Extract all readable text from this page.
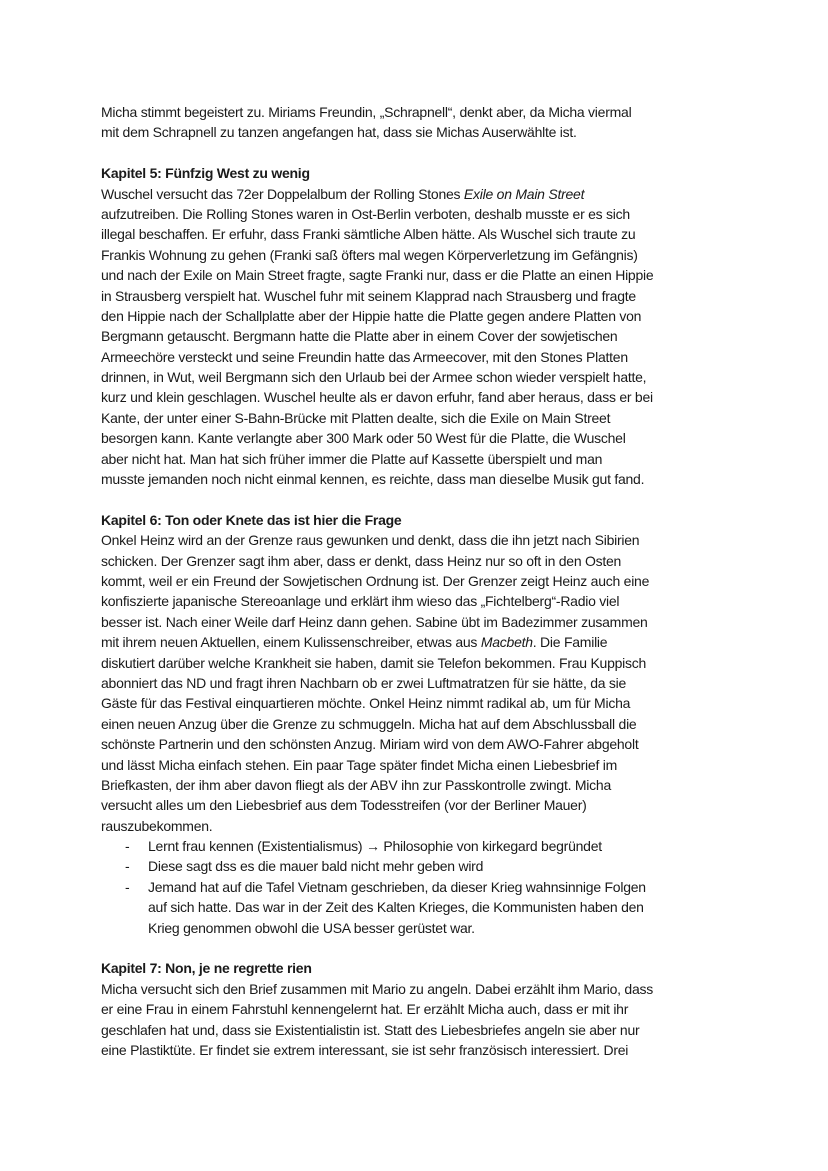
Micha stimmt begeistert zu. Miriams Freundin, „Schrapnell“, denkt aber, da Micha viermal
mit dem Schrapnell zu tanzen angefangen hat, dass sie Michas Auserwählte ist.
Kapitel 5: Fünfzig West zu wenig
Wuschel versucht das 72er Doppelalbum der Rolling Stones Exile on Main Street
aufzutreiben. Die Rolling Stones waren in Ost-Berlin verboten, deshalb musste er es sich
illegal beschaffen. Er erfuhr, dass Franki sämtliche Alben hätte. Als Wuschel sich traute zu
Frankis Wohnung zu gehen (Franki saß öfters mal wegen Körperverletzung im Gefängnis)
und nach der Exile on Main Street fragte, sagte Franki nur, dass er die Platte an einen Hippie
in Strausberg verspielt hat. Wuschel fuhr mit seinem Klapprad nach Strausberg und fragte
den Hippie nach der Schallplatte aber der Hippie hatte die Platte gegen andere Platten von
Bergmann getauscht. Bergmann hatte die Platte aber in einem Cover der sowjetischen
Armeechöre versteckt und seine Freundin hatte das Armeecover, mit den Stones Platten
drinnen, in Wut, weil Bergmann sich den Urlaub bei der Armee schon wieder verspielt hatte,
kurz und klein geschlagen. Wuschel heulte als er davon erfuhr, fand aber heraus, dass er bei
Kante, der unter einer S-Bahn-Brücke mit Platten dealte, sich die Exile on Main Street
besorgen kann. Kante verlangte aber 300 Mark oder 50 West für die Platte, die Wuschel
aber nicht hat. Man hat sich früher immer die Platte auf Kassette überspielt und man
musste jemanden noch nicht einmal kennen, es reichte, dass man dieselbe Musik gut fand.
Kapitel 6: Ton oder Knete das ist hier die Frage
Onkel Heinz wird an der Grenze raus gewunken und denkt, dass die ihn jetzt nach Sibirien
schicken. Der Grenzer sagt ihm aber, dass er denkt, dass Heinz nur so oft in den Osten
kommt, weil er ein Freund der Sowjetischen Ordnung ist. Der Grenzer zeigt Heinz auch eine
konfiszierte japanische Stereoanlage und erklärt ihm wieso das „Fichtelberg“-Radio viel
besser ist. Nach einer Weile darf Heinz dann gehen. Sabine übt im Badezimmer zusammen
mit ihrem neuen Aktuellen, einem Kulissenschreiber, etwas aus Macbeth. Die Familie
diskutiert darüber welche Krankheit sie haben, damit sie Telefon bekommen. Frau Kuppisch
abonniert das ND und fragt ihren Nachbarn ob er zwei Luftmatratzen für sie hätte, da sie
Gäste für das Festival einquartieren möchte. Onkel Heinz nimmt radikal ab, um für Micha
einen neuen Anzug über die Grenze zu schmuggeln. Micha hat auf dem Abschlussball die
schönste Partnerin und den schönsten Anzug. Miriam wird von dem AWO-Fahrer abgeholt
und lässt Micha einfach stehen. Ein paar Tage später findet Micha einen Liebesbrief im
Briefkasten, der ihm aber davon fliegt als der ABV ihn zur Passkontrolle zwingt. Micha
versucht alles um den Liebesbrief aus dem Todesstreifen (vor der Berliner Mauer)
rauszubekommen.
- Lernt frau kennen (Existentialismus) → Philosophie von kirkegard begründet
- Diese sagt dss es die mauer bald nicht mehr geben wird
- Jemand hat auf die Tafel Vietnam geschrieben, da dieser Krieg wahnsinnige Folgen
auf sich hatte. Das war in der Zeit des Kalten Krieges, die Kommunisten haben den
Krieg genommen obwohl die USA besser gerüstet war.
Kapitel 7: Non, je ne regrette rien
Micha versucht sich den Brief zusammen mit Mario zu angeln. Dabei erzählt ihm Mario, dass
er eine Frau in einem Fahrstuhl kennengelernt hat. Er erzählt Micha auch, dass er mit ihr
geschlafen hat und, dass sie Existentialistin ist. Statt des Liebesbriefes angeln sie aber nur
eine Plastiktüte. Er findet sie extrem interessant, sie ist sehr französisch interessiert. Drei
